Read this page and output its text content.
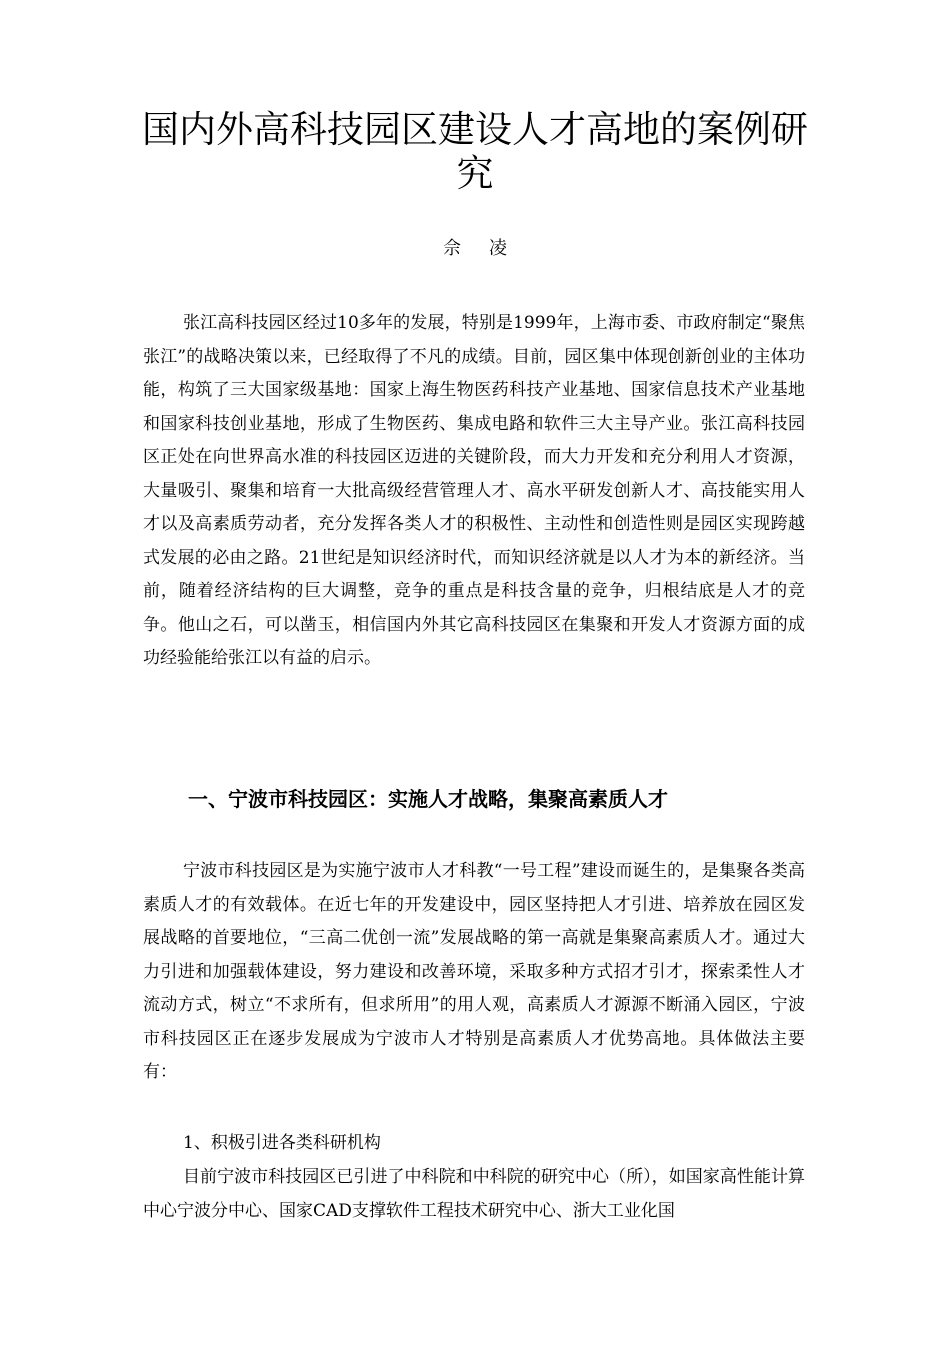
国内外高科技园区建设人才高地的案例研究
佘凌

张江高科技园区经过10多年的发展，特别是1999年，上海市委、市政府制定“聚焦张江”的战略决策以来，已经取得了不凡的成绩。目前，园区集中体现创新创业的主体功能，构筑了三大国家级基地：国家上海生物医药科技产业基地、国家信息技术产业基地和国家科技创业基地，形成了生物医药、集成电路和软件三大主导产业。张江高科技园区正处在向世界高水准的科技园区迈进的关键阶段，而大力开发和充分利用人才资源，大量吸引、聚集和培育一大批高级经营管理人才、高水平研发创新人才、高技能实用人才以及高素质劳动者，充分发挥各类人才的积极性、主动性和创造性则是园区实现跨越式发展的必由之路。21世纪是知识经济时代，而知识经济就是以人才为本的新经济。当前，随着经济结构的巨大调整，竞争的重点是科技含量的竞争，归根结底是人才的竞争。他山之石，可以凿玉，相信国内外其它高科技园区在集聚和开发人才资源方面的成功经验能给张江以有益的启示。

一、宁波市科技园区：实施人才战略，集聚高素质人才

宁波市科技园区是为实施宁波市人才科教“一号工程”建设而诞生的，是集聚各类高素质人才的有效载体。在近七年的开发建设中，园区坚持把人才引进、培养放在园区发展战略的首要地位，“三高二优创一流”发展战略的第一高就是集聚高素质人才。通过大力引进和加强载体建设，努力建设和改善环境，采取多种方式招才引才，探索柔性人才流动方式，树立“不求所有，但求所用”的用人观，高素质人才源源不断涌入园区，宁波市科技园区正在逐步发展成为宁波市人才特别是高素质人才优势高地。具体做法主要有：

1、积极引进各类科研机构

目前宁波市科技园区已引进了中科院和中科院的研究中心（所），如国家高性能计算中心宁波分中心、国家CAD支撑软件工程技术研究中心、浙大工业化国
